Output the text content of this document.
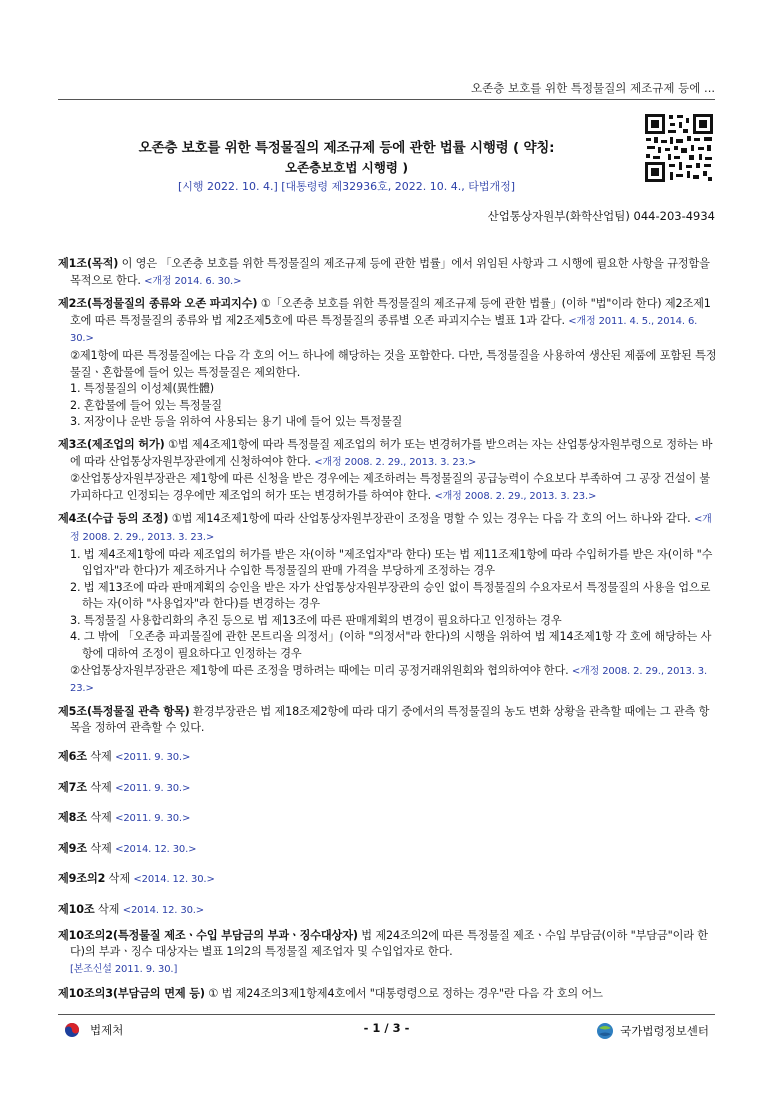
오존층 보호를 위한 특정물질의 제조규제 등에 ...
오존층 보호를 위한 특정물질의 제조규제 등에 관한 법률 시행령 ( 약칭:
오존층보호법 시행령 )
[시행 2022. 10. 4.] [대통령령 제32936호, 2022. 10. 4., 타법개정]
산업통상자원부(화학산업팀) 044-203-4934

제1조(목적) 이 영은 「오존층 보호를 위한 특정물질의 제조규제 등에 관한 법률」에서 위임된 사항과 그 시행에 필요한 사항을 규정함을 목적으로 한다. <개정 2014. 6. 30.>

제2조(특정물질의 종류와 오존 파괴지수) ①「오존층 보호를 위한 특정물질의 제조규제 등에 관한 법률」(이하 "법"이라 한다) 제2조제1호에 따른 특정물질의 종류와 법 제2조제5호에 따른 특정물질의 종류별 오존 파괴지수는 별표 1과 같다. <개정 2011. 4. 5., 2014. 6. 30.>

②제1항에 따른 특정물질에는 다음 각 호의 어느 하나에 해당하는 것을 포함한다. 다만, 특정물질을 사용하여 생산된 제품에 포함된 특정물질ㆍ혼합물에 들어 있는 특정물질은 제외한다.

1. 특정물질의 이성체(異性體)

2. 혼합물에 들어 있는 특정물질

3. 저장이나 운반 등을 위하여 사용되는 용기 내에 들어 있는 특정물질

제3조(제조업의 허가) ①법 제4조제1항에 따라 특정물질 제조업의 허가 또는 변경허가를 받으려는 자는 산업통상자원부령으로 정하는 바에 따라 산업통상자원부장관에게 신청하여야 한다. <개정 2008. 2. 29., 2013. 3. 23.>

②산업통상자원부장관은 제1항에 따른 신청을 받은 경우에는 제조하려는 특정물질의 공급능력이 수요보다 부족하여 그 공장 건설이 불가피하다고 인정되는 경우에만 제조업의 허가 또는 변경허가를 하여야 한다. <개정 2008. 2. 29., 2013. 3. 23.>

제4조(수급 등의 조정) ①법 제14조제1항에 따라 산업통상자원부장관이 조정을 명할 수 있는 경우는 다음 각 호의 어느 하나와 같다. <개정 2008. 2. 29., 2013. 3. 23.>

1. 법 제4조제1항에 따라 제조업의 허가를 받은 자(이하 "제조업자"라 한다) 또는 법 제11조제1항에 따라 수입허가를 받은 자(이하 "수입업자"라 한다)가 제조하거나 수입한 특정물질의 판매 가격을 부당하게 조정하는 경우

2. 법 제13조에 따라 판매계획의 승인을 받은 자가 산업통상자원부장관의 승인 없이 특정물질의 수요자로서 특정물질의 사용을 업으로 하는 자(이하 "사용업자"라 한다)를 변경하는 경우

3. 특정물질 사용합리화의 추진 등으로 법 제13조에 따른 판매계획의 변경이 필요하다고 인정하는 경우

4. 그 밖에 「오존층 파괴물질에 관한 몬트리올 의정서」(이하 "의정서"라 한다)의 시행을 위하여 법 제14조제1항 각 호에 해당하는 사항에 대하여 조정이 필요하다고 인정하는 경우

②산업통상자원부장관은 제1항에 따른 조정을 명하려는 때에는 미리 공정거래위원회와 협의하여야 한다. <개정 2008. 2. 29., 2013. 3. 23.>

제5조(특정물질 관측 항목) 환경부장관은 법 제18조제2항에 따라 대기 중에서의 특정물질의 농도 변화 상황을 관측할 때에는 그 관측 항목을 정하여 관측할 수 있다.

제6조 삭제 <2011. 9. 30.>

제7조 삭제 <2011. 9. 30.>

제8조 삭제 <2011. 9. 30.>

제9조 삭제 <2014. 12. 30.>

제9조의2 삭제 <2014. 12. 30.>

제10조 삭제 <2014. 12. 30.>

제10조의2(특정물질 제조ㆍ수입 부담금의 부과ㆍ징수대상자) 법 제24조의2에 따른 특정물질 제조ㆍ수입 부담금(이하 "부담금"이라 한다)의 부과ㆍ징수 대상자는 별표 1의2의 특정물질 제조업자 및 수입업자로 한다.

[본조신설 2011. 9. 30.]

제10조의3(부담금의 면제 등) ① 법 제24조의3제1항제4호에서 "대통령령으로 정하는 경우"란 다음 각 호의 어느

법제처	- 1 / 3 -	국가법령정보센터
